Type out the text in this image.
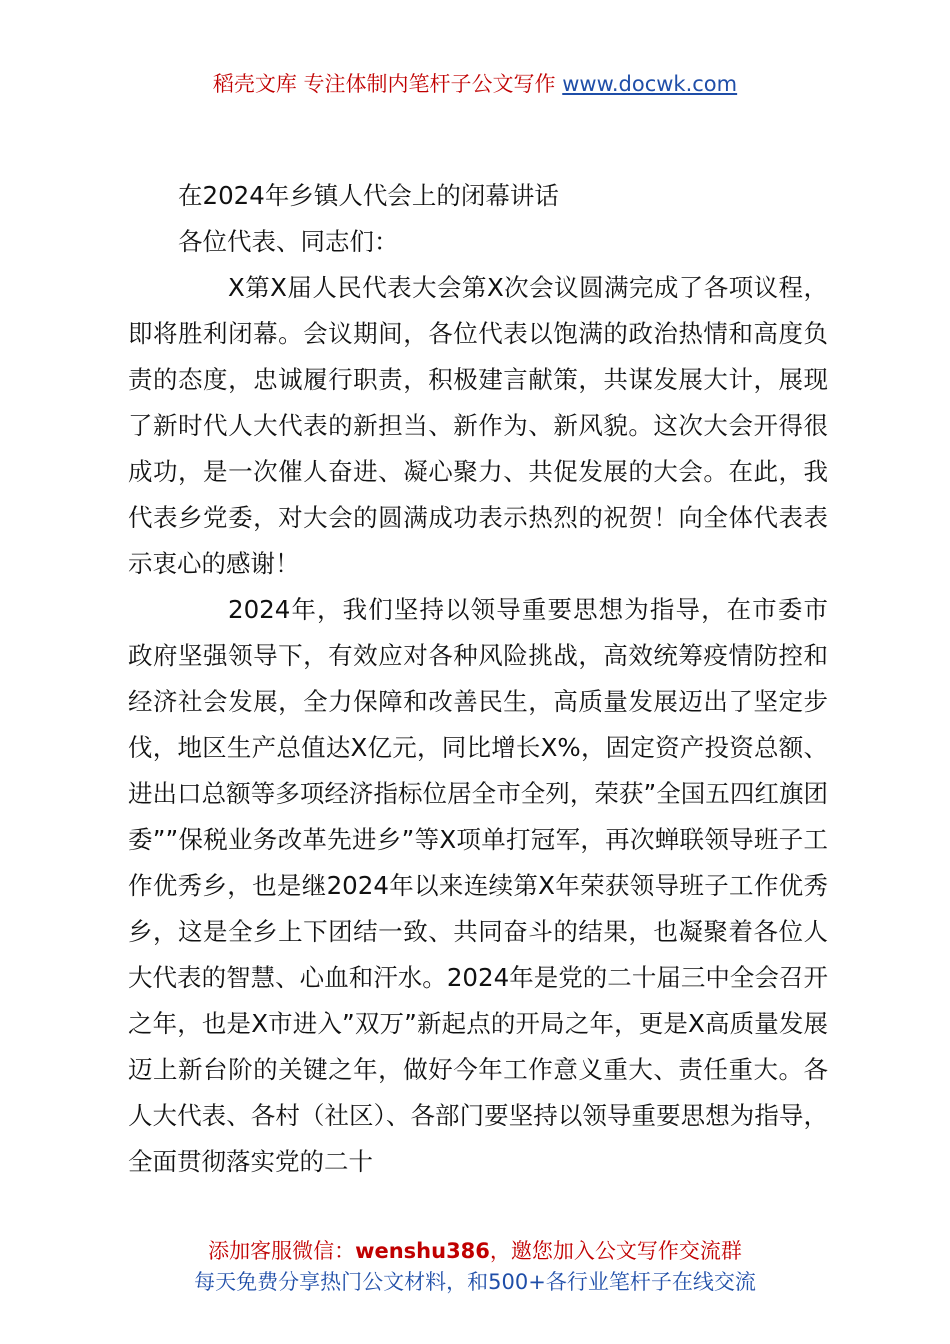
稻壳文库 专注体制内笔杆子公文写作 www.docwk.com

在2024年乡镇人代会上的闭幕讲话

各位代表、同志们：

X第X届人民代表大会第X次会议圆满完成了各项议程，即将胜利闭幕。会议期间，各位代表以饱满的政治热情和高度负责的态度，忠诚履行职责，积极建言献策，共谋发展大计，展现了新时代人大代表的新担当、新作为、新风貌。这次大会开得很成功，是一次催人奋进、凝心聚力、共促发展的大会。在此，我代表乡党委，对大会的圆满成功表示热烈的祝贺！向全体代表表示衷心的感谢！

2024年，我们坚持以领导重要思想为指导，在市委市政府坚强领导下，有效应对各种风险挑战，高效统筹疫情防控和经济社会发展，全力保障和改善民生，高质量发展迈出了坚定步伐，地区生产总值达X亿元，同比增长X%，固定资产投资总额、进出口总额等多项经济指标位居全市全列，荣获”全国五四红旗团委””保税业务改革先进乡”等X项单打冠军，再次蝉联领导班子工作优秀乡，也是继2024年以来连续第X年荣获领导班子工作优秀乡，这是全乡上下团结一致、共同奋斗的结果，也凝聚着各位人大代表的智慧、心血和汗水。2024年是党的二十届三中全会召开之年，也是X市进入”双万”新起点的开局之年，更是X高质量发展迈上新台阶的关键之年，做好今年工作意义重大、责任重大。各人大代表、各村（社区）、各部门要坚持以领导重要思想为指导，全面贯彻落实党的二十

添加客服微信：wenshu386，邀您加入公文写作交流群
每天免费分享热门公文材料，和500+各行业笔杆子在线交流
